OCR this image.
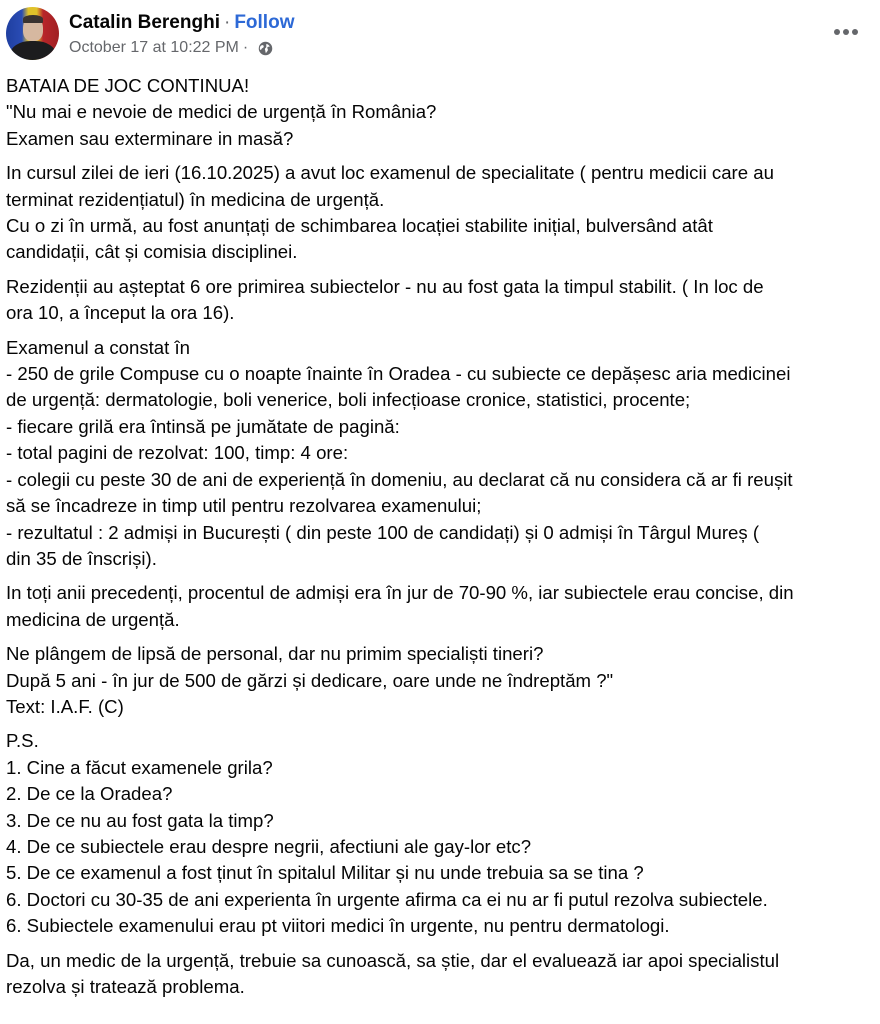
Catalin Berenghi · Follow
October 17 at 10:22 PM ·

BATAIA DE JOC CONTINUA!
"Nu mai e nevoie de medici de urgență în România?
Examen sau exterminare in masă?

In cursul zilei de ieri (16.10.2025) a avut loc examenul de specialitate ( pentru medicii care au
terminat rezidențiatul) în medicina de urgență.
Cu o zi în urmă, au fost anunțați de schimbarea locației stabilite inițial, bulversând atât
candidații, cât și comisia disciplinei.

Rezidenții au așteptat 6 ore primirea subiectelor - nu au fost gata la timpul stabilit. ( In loc de
ora 10, a început la ora 16).

Examenul a constat în
- 250 de grile Compuse cu o noapte înainte în Oradea - cu subiecte ce depășesc aria medicinei
de urgență: dermatologie, boli venerice, boli infecțioase cronice, statistici, procente;
- fiecare grilă era întinsă pe jumătate de pagină:
- total pagini de rezolvat: 100, timp: 4 ore:
- colegii cu peste 30 de ani de experiență în domeniu, au declarat că nu considera că ar fi reușit
să se încadreze in timp util pentru rezolvarea examenului;
- rezultatul : 2 admiși in București ( din peste 100 de candidați) și 0 admiși în Târgul Mureș (
din 35 de înscriși).

In toți anii precedenți, procentul de admiși era în jur de 70-90 %, iar subiectele erau concise, din
medicina de urgență.

Ne plângem de lipsă de personal, dar nu primim specialiști tineri?
După 5 ani - în jur de 500 de gărzi și dedicare, oare unde ne îndreptăm ?"
Text: I.A.F. (C)

P.S.
1. Cine a făcut examenele grila?
2. De ce la Oradea?
3. De ce nu au fost gata la timp?
4. De ce subiectele erau despre negrii, afectiuni ale gay-lor etc?
5. De ce examenul a fost ținut în spitalul Militar și nu unde trebuia sa se tina ?
6. Doctori cu 30-35 de ani experienta în urgente afirma ca ei nu ar fi putul rezolva subiectele.
6. Subiectele examenului erau pt viitori medici în urgente, nu pentru dermatologi.

Da, un medic de la urgență, trebuie sa cunoască, sa știe, dar el evaluează iar apoi specialistul
rezolva și tratează problema.
